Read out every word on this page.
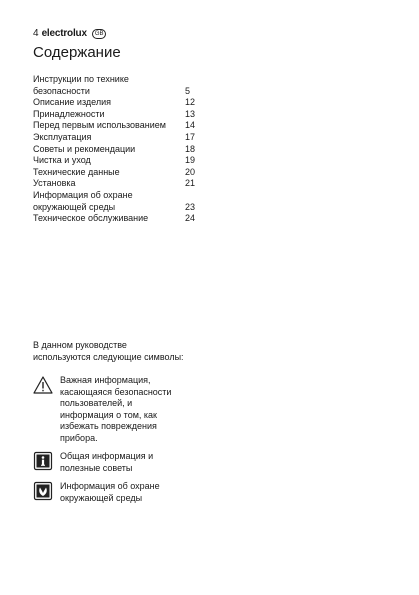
4 electrolux	GB
Содержание
Инструкции по технике
безопасности	5
Описание изделия	12
Принадлежности	13
Перед первым использованием	14
Эксплуатация	17
Советы и рекомендации	18
Чистка и уход	19
Технические данные	20
Установка	21
Информация об охране
окружающей среды	23
Техническое обслуживание	24
В данном руководстве
используются следующие символы:
Важная информация,
касающаяся безопасности
пользователей, и
информация о том, как
избежать повреждения
прибора.
Общая информация и
полезные советы
Информация об охране
окружающей среды
